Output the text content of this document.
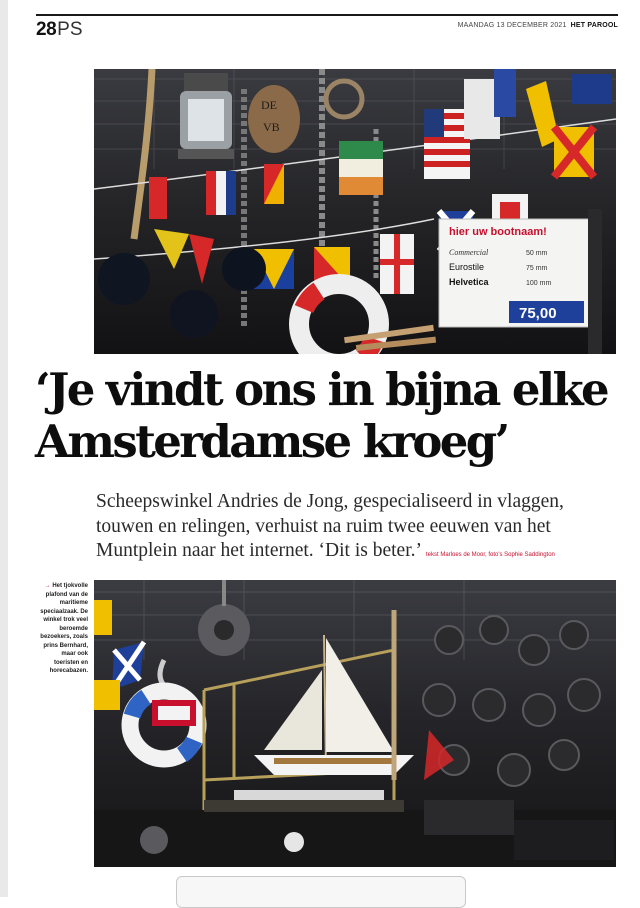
28PS	MAANDAG 13 DECEMBER 2021 HET PAROOL
DE
VB
hier uw bootnaam!
Commercial
Eurostile
Helvetica
50 mm
75 mm
100 mm
75,00
‘Je vindt ons in bijna elke
Amsterdamse kroeg’
Scheepswinkel Andries de Jong, gespecialiseerd in vlaggen,
touwen en relingen, verhuist na ruim twee eeuwen van het
Muntplein naar het internet. ‘Dit is beter.’ tekst Marloes de Moor, foto's Sophie Saddington
→ Het tjokvolle plafond van de maritieme speciaalzaak. De winkel trok veel beroemde bezoekers, zoals prins Bernhard, maar ook toeristen en horecabazen.
